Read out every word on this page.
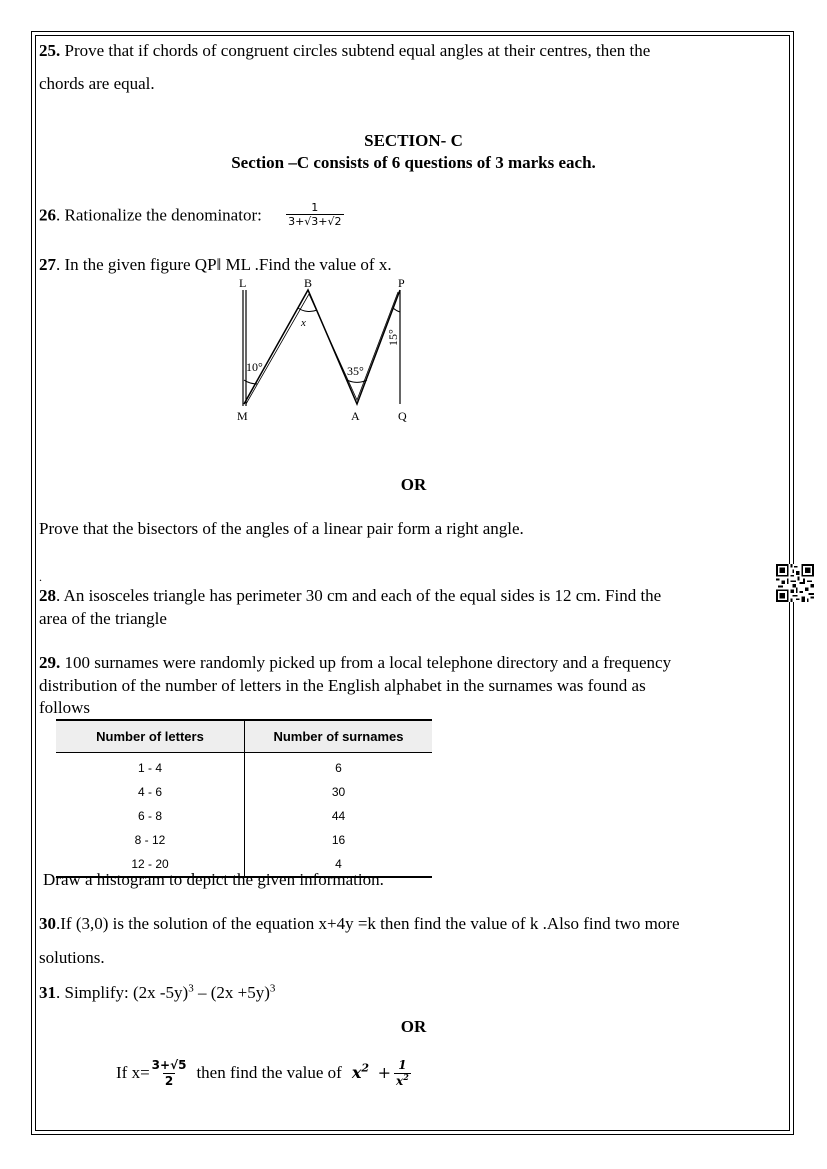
25. Prove that if chords of congruent circles subtend equal angles at their centres, then the
chords are equal.
SECTION- C
Section –C consists of 6 questions of 3 marks each.
26. Rationalize the denominator: $\frac{1}{3+√3+√2}$
27. In the given figure QP‖ ML .Find the value of x.
L	B	P
M	A	Q
x
10°	35°
15°
OR
Prove that the bisectors of the angles of a linear pair form a right angle.
.
28. An isosceles triangle has perimeter 30 cm and each of the equal sides is 12 cm. Find the
area of the triangle
29. 100 surnames were randomly picked up from a local telephone directory and a frequency
distribution of the number of letters in the English alphabet in the surnames was found as
follows
Number of letters	Number of surnames
1 - 4	6
4 - 6	30
6 - 8	44
8 - 12	16
12 - 20	4
Draw a histogram to depict the given information.
30.If (3,0) is the solution of the equation x+4y =k then find the value of k .Also find two more
solutions.
31. Simplify: (2x $-5y)^3 - (2x +5y)^3$
OR
If $x= \frac{3+√5}{2}$ then find the value of $x^2 + \frac{1}{x^2}$
